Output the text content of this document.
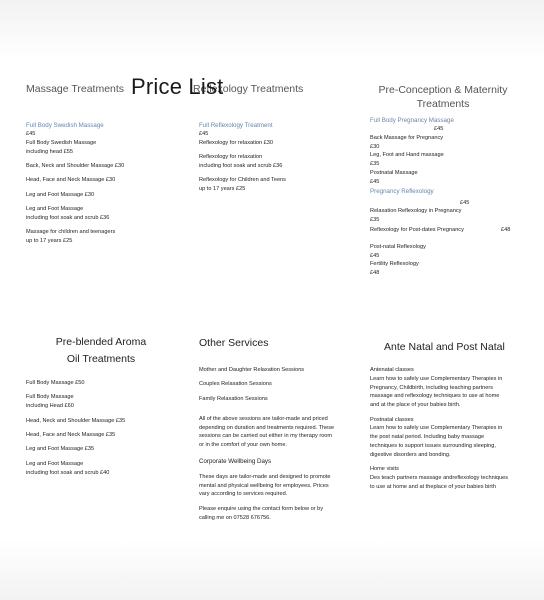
Massage Treatments	Reflexology Treatments
Price List	Pre-Conception & Maternity
Treatments
Full Body Swedish Massage
£45
Full Body Swedish Massage
including head £55
Back, Neck and Shoulder Massage £30
Head, Face and Neck Massage £30
Leg and Foot Massage £30
Leg and Foot Massage
including foot soak and scrub £36
Massage for children and teenagers
up to 17 years £25
Full Reflexology Treatment
£45
Reflexology for relaxation £30
Reflexology for relaxation
including foot soak and scrub £36
Reflexology for Children and Teens
up to 17 years £25
Full Body Pregnancy Massage
£45
Back Massage for Pregnancy
£30
Leg, Foot and Hand massage
£35
Postnatal Massage
£45
Pregnancy Reflexology
£45
Relaxation Reflexology in Pregnancy
£35
Reflexology for Post-dates Pregnancy	£48
Post-natal Reflexology
£45
Fertility Reflexology
£48
Pre-blended Aroma
Oil Treatments
Other Services	Ante Natal and Post Natal
Full Body Massage £50
Full Body Massage
including Head £60
Head, Neck and Shoulder Massage £35
Head, Face and Neck Massage £35
Leg and Foot Massage £35
Leg and Foot Massage
including foot soak and scrub £40
Mother and Daughter Relaxation Sessions
Couples Relaxation Sessions
Family Relaxation Sessions
All of the above sessions are tailor-made and priced
depending on duration and treatments required. These
sessions can be carried out either in my therapy room
or in the comfort of your own home.
Corporate Wellbeing Days
These days are tailor-made and designed to promote
mental and physical wellbeing for employees. Prices
vary according to services required.
Please enquire using the contact form below or by
calling me on 07528 676756.
Antenatal classes
Learn how to safely use Complementary Therapies in
Pregnancy, Childbirth, including teaching partners
massage and reflexology techniques to use at home
and at the place of your babies birth.
Postnatal classes
Learn how to safely use Complementary Therapies in
the post natal period. Including baby massage
techniques to support issues surrounding sleeping,
digestive disorders and bonding.
Home visits
Des teach partners massage andreflexology techniques
to use at home and at theplace of your babies birth
